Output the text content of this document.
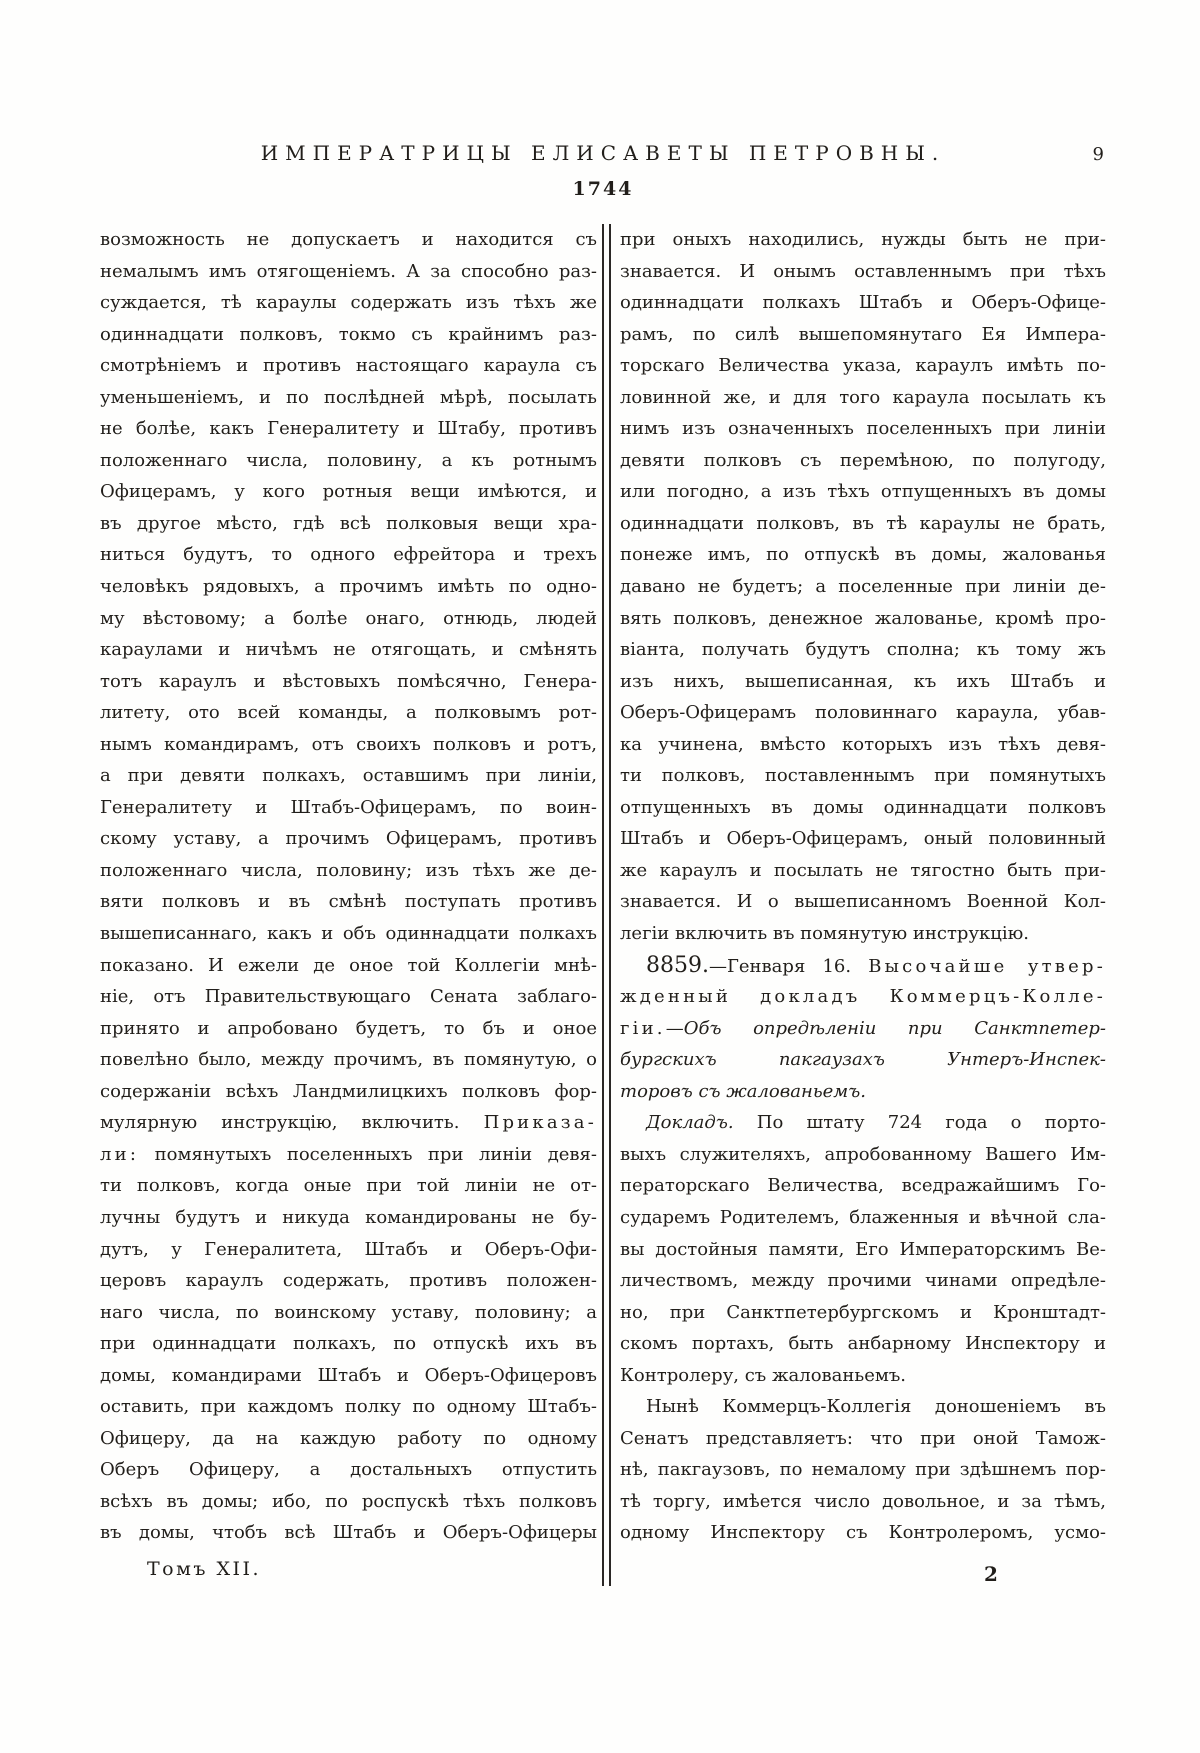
ИМПЕРАТРИЦЫ ЕЛИСАВЕТЫ ПЕТРОВНЫ.	9
1744
возможность не допускаетъ и находится съ
немалымъ имъ отягощеніемъ. А за способно раз-
суждается, тѣ караулы содержать изъ тѣхъ же
одиннадцати полковъ, токмо съ крайнимъ раз-
смотрѣніемъ и противъ настоящаго караула съ
уменьшеніемъ, и по послѣдней мѣрѣ, посылать
не болѣе, какъ Генералитету и Штабу, противъ
положеннаго числа, половину, а къ ротнымъ
Офицерамъ, у кого ротныя вещи имѣются, и
въ другое мѣсто, гдѣ всѣ полковыя вещи хра-
ниться будутъ, то одного ефрейтора и трехъ
человѣкъ рядовыхъ, а прочимъ имѣть по одно-
му вѣстовому; а болѣе онаго, отнюдь, людей
караулами и ничѣмъ не отягощать, и смѣнять
тотъ караулъ и вѣстовыхъ помѣсячно, Генера-
литету, ото всей команды, а полковымъ рот-
нымъ командирамъ, отъ своихъ полковъ и ротъ,
а при девяти полкахъ, оставшимъ при линіи,
Генералитету и Штабъ-Офицерамъ, по воин-
скому уставу, а прочимъ Офицерамъ, противъ
положеннаго числа, половину; изъ тѣхъ же де-
вяти полковъ и въ смѣнѣ поступать противъ
вышеписаннаго, какъ и объ одиннадцати полкахъ
показано. И ежели де оное той Коллегіи мнѣ-
ніе, отъ Правительствующаго Сената заблаго-
принято и апробовано будетъ, то бъ и оное
повелѣно было, между прочимъ, въ помянутую, о
содержаніи всѣхъ Ландмилицкихъ полковъ фор-
мулярную инструкцію, включить. Приказа-
ли: помянутыхъ поселенныхъ при линіи девя-
ти полковъ, когда оные при той линіи не от-
лучны будутъ и никуда командированы не бу-
дутъ, у Генералитета, Штабъ и Оберъ-Офи-
церовъ караулъ содержать, противъ положен-
наго числа, по воинскому уставу, половину; а
при одиннадцати полкахъ, по отпускѣ ихъ въ
домы, командирами Штабъ и Оберъ-Офицеровъ
оставить, при каждомъ полку по одному Штабъ-
Офицеру, да на каждую работу по одному
Оберъ Офицеру, а достальныхъ отпустить
всѣхъ въ домы; ибо, по роспускѣ тѣхъ полковъ
въ домы, чтобъ всѣ Штабъ и Оберъ-Офицеры
при оныхъ находились, нужды быть не при-
знавается. И онымъ оставленнымъ при тѣхъ
одиннадцати полкахъ Штабъ и Оберъ-Офице-
рамъ, по силѣ вышепомянутаго Ея Импера-
торскаго Величества указа, караулъ имѣть по-
ловинной же, и для того караула посылать къ
нимъ изъ означенныхъ поселенныхъ при линіи
девяти полковъ съ перемѣною, по полугоду,
или погодно, а изъ тѣхъ отпущенныхъ въ домы
одиннадцати полковъ, въ тѣ караулы не брать,
понеже имъ, по отпускѣ въ домы, жалованья
давано не будетъ; а поселенные при линіи де-
вять полковъ, денежное жалованье, кромѣ про-
віанта, получать будутъ сполна; къ тому жъ
изъ нихъ, вышеписанная, къ ихъ Штабъ и
Оберъ-Офицерамъ половиннаго караула, убав-
ка учинена, вмѣсто которыхъ изъ тѣхъ девя-
ти полковъ, поставленнымъ при помянутыхъ
отпущенныхъ въ домы одиннадцати полковъ
Штабъ и Оберъ-Офицерамъ, оный половинный
же караулъ и посылать не тягостно быть при-
знавается. И о вышеписанномъ Военной Кол-
легіи включить въ помянутую инструкцію.
8859.—Генваря 16. Высочайше утвер-
жденный докладъ Коммерцъ-Колле-
гіи.—Объ опредѣленіи при Санктпетер-
бургскихъ пакгаузахъ Унтеръ-Инспек-
торовъ съ жалованьемъ.
Докладъ. По штату 724 года о порто-
выхъ служителяхъ, апробованному Вашего Им-
ператорскаго Величества, вседражайшимъ Го-
сударемъ Родителемъ, блаженныя и вѣчной сла-
вы достойныя памяти, Его Императорскимъ Ве-
личествомъ, между прочими чинами опредѣле-
но, при Санктпетербургскомъ и Кронштадт-
скомъ портахъ, быть анбарному Инспектору и
Контролеру, съ жалованьемъ.
Нынѣ Коммерцъ-Коллегія доношеніемъ въ
Сенатъ представляетъ: что при оной Тамож-
нѣ, пакгаузовъ, по немалому при здѣшнемъ пор-
тѣ торгу, имѣется число довольное, и за тѣмъ,
одному Инспектору съ Контролеромъ, усмо-
Томъ XII.	2
